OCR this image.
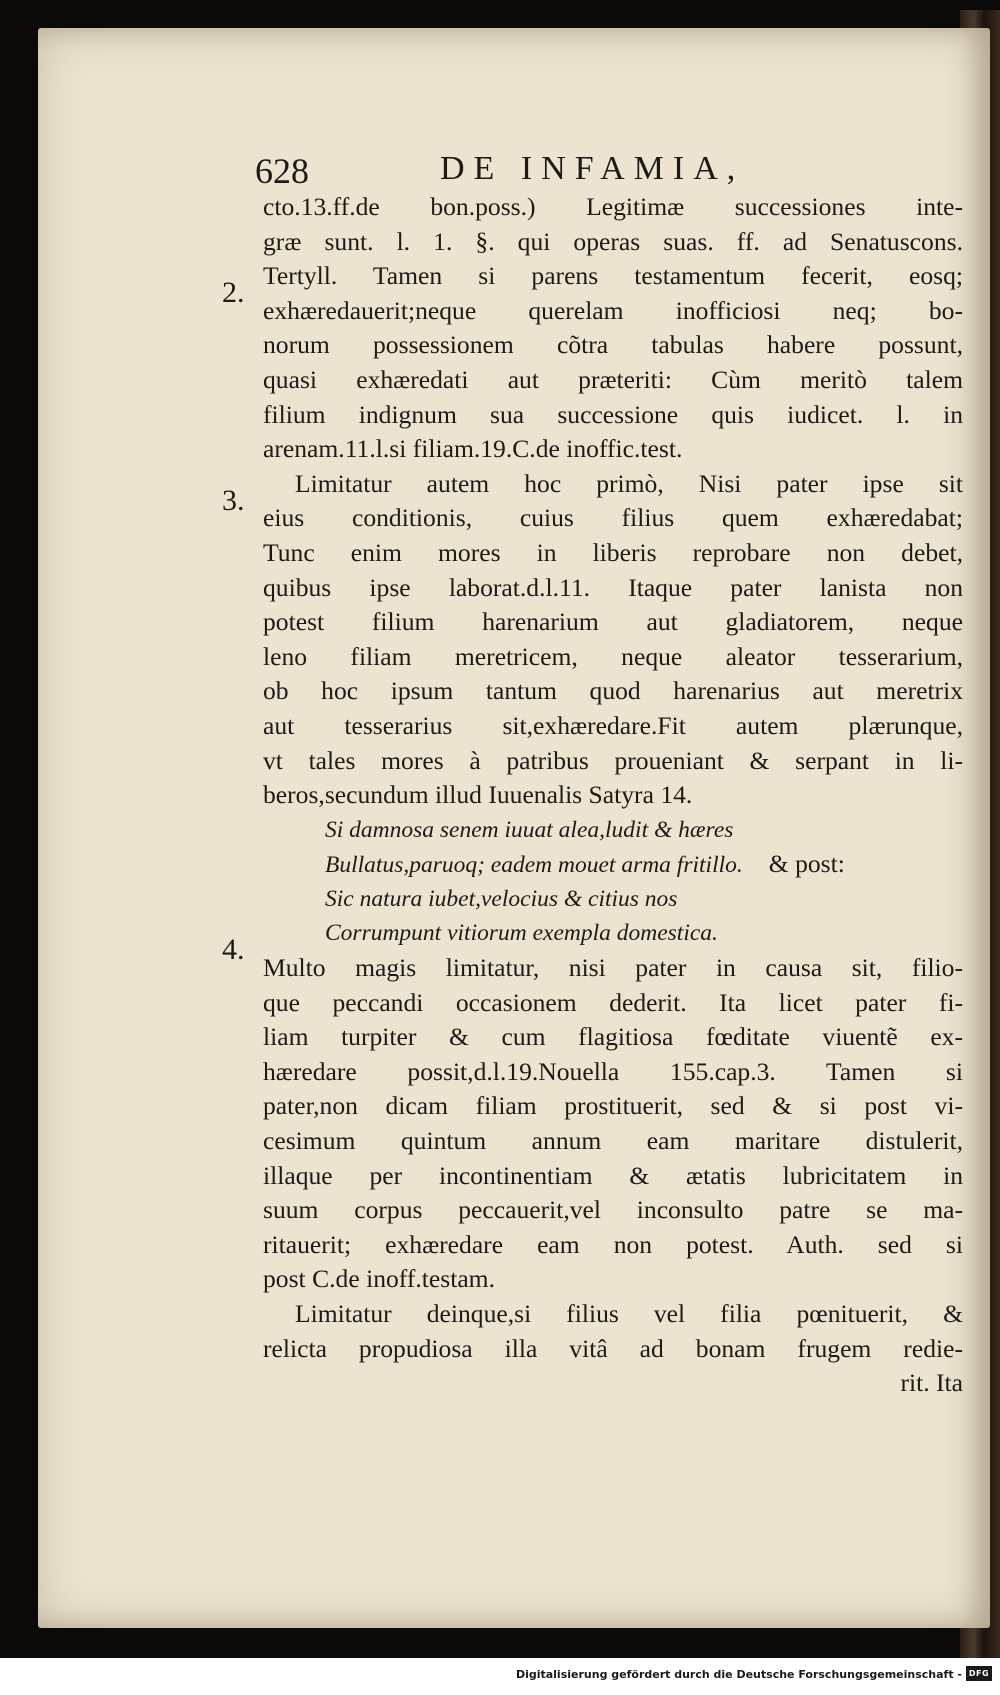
628	DE INFAMIA,
2.
3.
4.
cto.13.ff.de bon.poss.) Legitimæ successiones inte-
græ sunt. l. 1. §. qui operas suas. ff. ad Senatuscons.
Tertyll. Tamen si parens testamentum fecerit, eosq;
exhæredauerit;neque querelam inofficiosi neq; bo-
norum possessionem cõtra tabulas habere possunt,
quasi exhæredati aut præteriti: Cùm meritò talem
filium indignum sua successione quis iudicet. l. in
arenam.11.l.si filiam.19.C.de inoffic.test.
Limitatur autem hoc primò, Nisi pater ipse sit
eius conditionis, cuius filius quem exhæredabat;
Tunc enim mores in liberis reprobare non debet,
quibus ipse laborat.d.l.11. Itaque pater lanista non
potest filium harenarium aut gladiatorem, neque
leno filiam meretricem, neque aleator tesserarium,
ob hoc ipsum tantum quod harenarius aut meretrix
aut tesserarius sit,exhæredare.Fit autem plærunque,
vt tales mores à patribus proueniant & serpant in li-
beros,secundum illud Iuuenalis Satyra 14.
Si damnosa senem iuuat alea,ludit & hæres
Bullatus,paruoq; eadem mouet arma fritillo. & post:
Sic natura iubet,velocius & citius nos
Corrumpunt vitiorum exempla domestica.
Multo magis limitatur, nisi pater in causa sit, filio-
que peccandi occasionem dederit. Ita licet pater fi-
liam turpiter & cum flagitiosa fœditate viuentẽ ex-
hæredare possit,d.l.19.Nouella 155.cap.3. Tamen si
pater,non dicam filiam prostituerit, sed & si post vi-
cesimum quintum annum eam maritare distulerit,
illaque per incontinentiam & ætatis lubricitatem in
suum corpus peccauerit,vel inconsulto patre se ma-
ritauerit; exhæredare eam non potest. Auth. sed si
post C.de inoff.testam.
Limitatur deinque,si filius vel filia pœnituerit, &
relicta propudiosa illa vitâ ad bonam frugem redie-
rit. Ita
Digitalisierung gefördert durch die Deutsche Forschungsgemeinschaft - DFG
